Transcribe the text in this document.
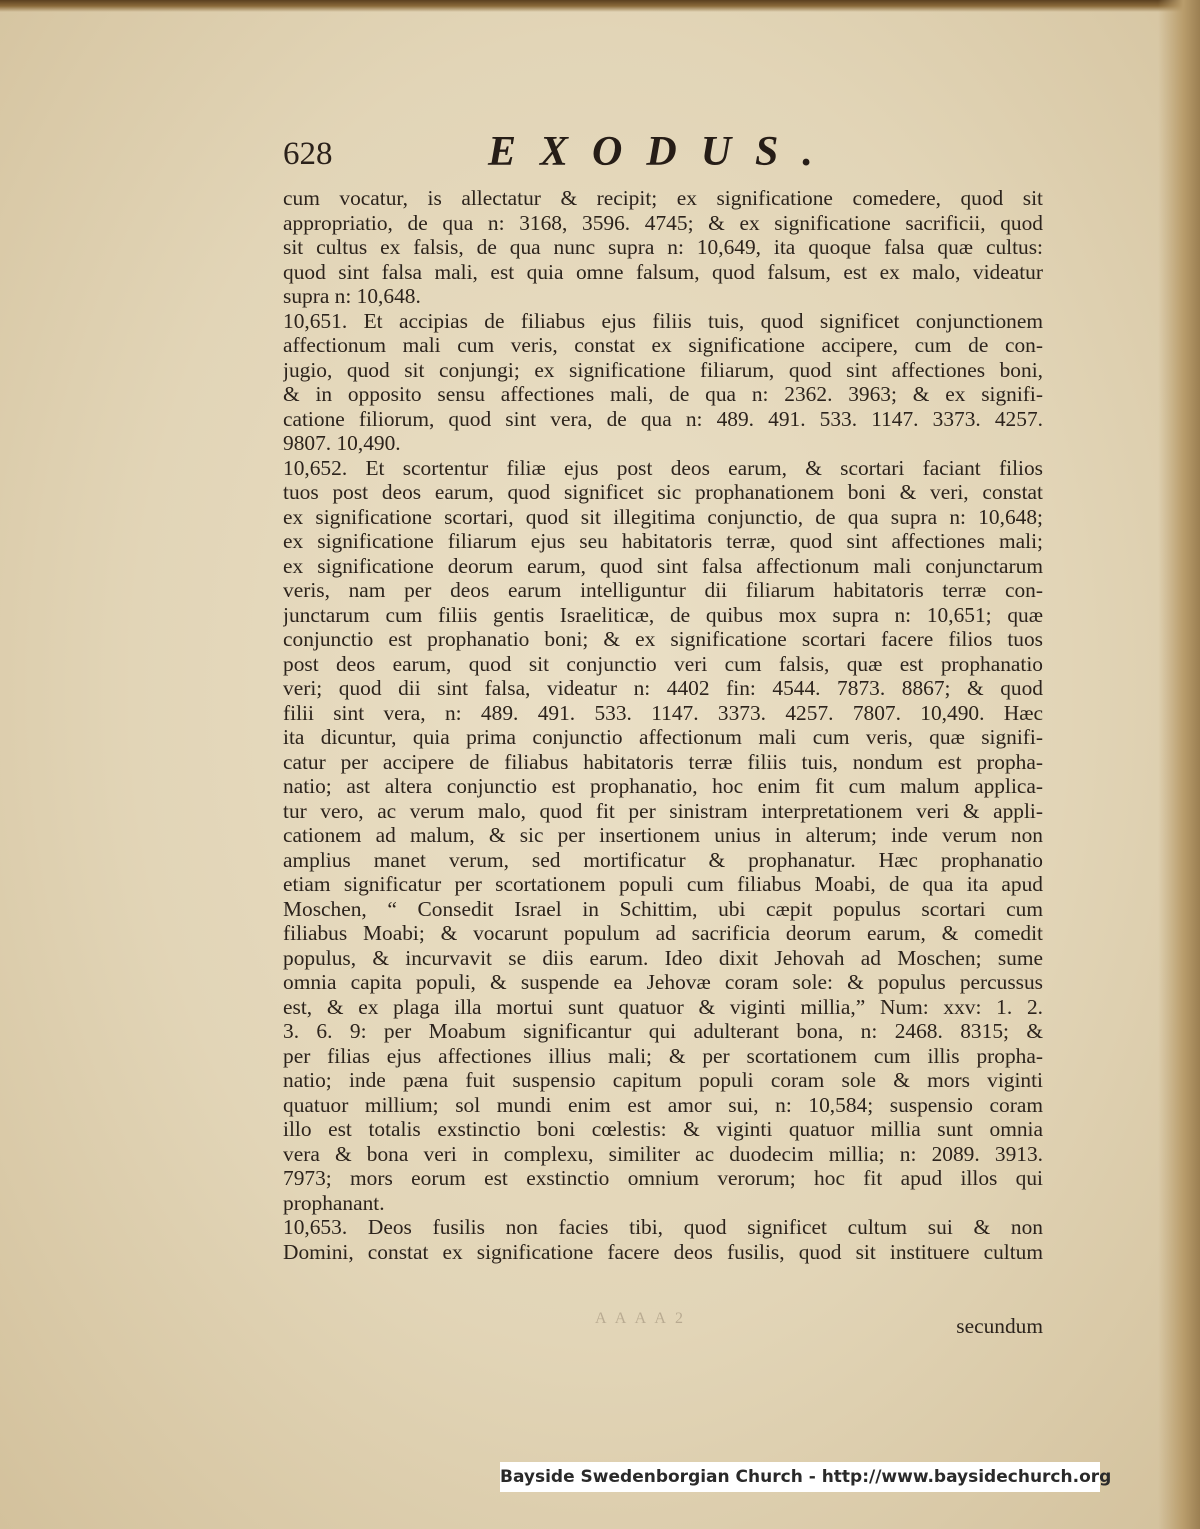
628	EXODUS.
cum vocatur, is allectatur & recipit; ex significatione comedere, quod sit
appropriatio, de qua n: 3168, 3596. 4745; & ex significatione sacrificii, quod
sit cultus ex falsis, de qua nunc supra n: 10,649, ita quoque falsa quæ cultus:
quod sint falsa mali, est quia omne falsum, quod falsum, est ex malo, videatur
supra n: 10,648.
10,651. Et accipias de filiabus ejus filiis tuis, quod significet conjunctionem
affectionum mali cum veris, constat ex significatione accipere, cum de con-
jugio, quod sit conjungi; ex significatione filiarum, quod sint affectiones boni,
& in opposito sensu affectiones mali, de qua n: 2362. 3963; & ex signifi-
catione filiorum, quod sint vera, de qua n: 489. 491. 533. 1147. 3373. 4257.
9807. 10,490.
10,652. Et scortentur filiæ ejus post deos earum, & scortari faciant filios
tuos post deos earum, quod significet sic prophanationem boni & veri, constat
ex significatione scortari, quod sit illegitima conjunctio, de qua supra n: 10,648;
ex significatione filiarum ejus seu habitatoris terræ, quod sint affectiones mali;
ex significatione deorum earum, quod sint falsa affectionum mali conjunctarum
veris, nam per deos earum intelliguntur dii filiarum habitatoris terræ con-
junctarum cum filiis gentis Israeliticæ, de quibus mox supra n: 10,651; quæ
conjunctio est prophanatio boni; & ex significatione scortari facere filios tuos
post deos earum, quod sit conjunctio veri cum falsis, quæ est prophanatio
veri; quod dii sint falsa, videatur n: 4402 fin: 4544. 7873. 8867; & quod
filii sint vera, n: 489. 491. 533. 1147. 3373. 4257. 7807. 10,490. Hæc
ita dicuntur, quia prima conjunctio affectionum mali cum veris, quæ signifi-
catur per accipere de filiabus habitatoris terræ filiis tuis, nondum est propha-
natio; ast altera conjunctio est prophanatio, hoc enim fit cum malum applica-
tur vero, ac verum malo, quod fit per sinistram interpretationem veri & appli-
cationem ad malum, & sic per insertionem unius in alterum; inde verum non
amplius manet verum, sed mortificatur & prophanatur. Hæc prophanatio
etiam significatur per scortationem populi cum filiabus Moabi, de qua ita apud
Moschen, “ Consedit Israel in Schittim, ubi cæpit populus scortari cum
filiabus Moabi; & vocarunt populum ad sacrificia deorum earum, & comedit
populus, & incurvavit se diis earum. Ideo dixit Jehovah ad Moschen; sume
omnia capita populi, & suspende ea Jehovæ coram sole: & populus percussus
est, & ex plaga illa mortui sunt quatuor & viginti millia,” Num: xxv: 1. 2.
3. 6. 9: per Moabum significantur qui adulterant bona, n: 2468. 8315; &
per filias ejus affectiones illius mali; & per scortationem cum illis propha-
natio; inde pæna fuit suspensio capitum populi coram sole & mors viginti
quatuor millium; sol mundi enim est amor sui, n: 10,584; suspensio coram
illo est totalis exstinctio boni cœlestis: & viginti quatuor millia sunt omnia
vera & bona veri in complexu, similiter ac duodecim millia; n: 2089. 3913.
7973; mors eorum est exstinctio omnium verorum; hoc fit apud illos qui
prophanant.
10,653. Deos fusilis non facies tibi, quod significet cultum sui & non
Domini, constat ex significatione facere deos fusilis, quod sit instituere cultum
A A A A 2	secundum
Bayside Swedenborgian Church - http://www.baysidechurch.org
